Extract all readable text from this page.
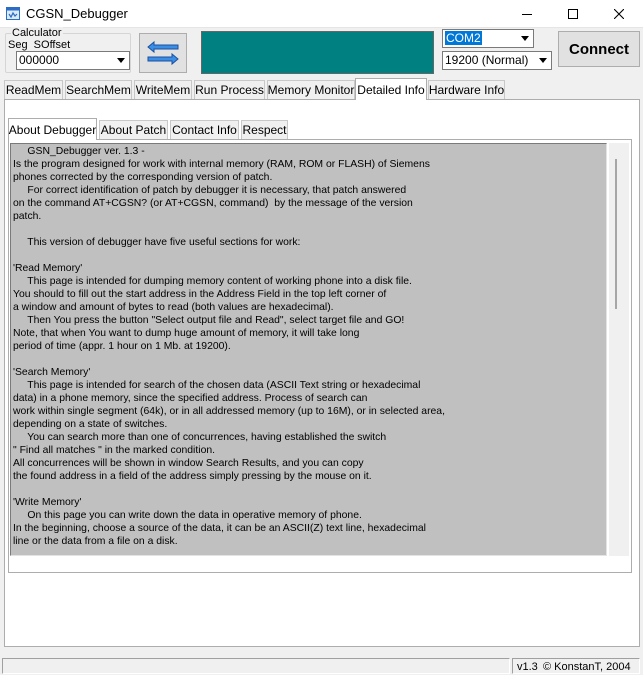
CGSN_Debugger
Calculator
Seg  SOffset
000000
COM2
19200 (Normal)
Connect
ReadMem SearchMem WriteMem Run Process Memory Monitor Detailed Info Hardware Info
About Debugger About Patch Contact Info Respect
GSN_Debugger ver. 1.3 -
Is the program designed for work with internal memory (RAM, ROM or FLASH) of Siemens
phones corrected by the corresponding version of patch.
For correct identification of patch by debugger it is necessary, that patch answered
on the command AT+CGSN? (or AT+CGSN, command)  by the message of the version
patch.

This version of debugger have five useful sections for work:

'Read Memory'
This page is intended for dumping memory content of working phone into a disk file.
You should to fill out the start address in the Address Field in the top left corner of
a window and amount of bytes to read (both values are hexadecimal).
Then You press the button "Select output file and Read", select target file and GO!
Note, that when You want to dump huge amount of memory, it will take long
period of time (appr. 1 hour on 1 Mb. at 19200).

'Search Memory'
This page is intended for search of the chosen data (ASCII Text string or hexadecimal
data) in a phone memory, since the specified address. Process of search can
work within single segment (64k), or in all addressed memory (up to 16M), or in selected area,
depending on a state of switches.
You can search more than one of concurrences, having established the switch
" Find all matches " in the marked condition.
All concurrences will be shown in window Search Results, and you can copy
the found address in a field of the address simply pressing by the mouse on it.

'Write Memory'
On this page you can write down the data in operative memory of phone.
In the beginning, choose a source of the data, it can be an ASCII(Z) text line, hexadecimal
line or the data from a file on a disk.
v1.3 © KonstanT, 2004
